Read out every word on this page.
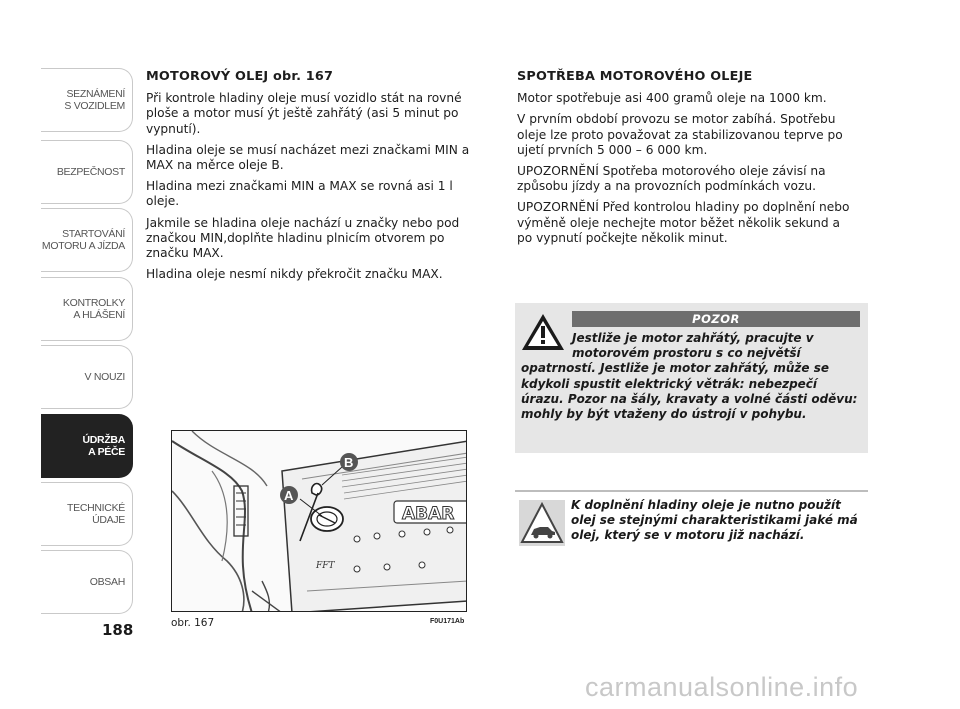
SEZNÁMENÍ
S VOZIDLEM
BEZPEČNOST
STARTOVÁNÍ
MOTORU A JÍZDA
KONTROLKY
A HLÁŠENÍ
V NOUZI
ÚDRŽBA
A PÉČE
TECHNICKÉ
ÚDAJE
OBSAH
188
MOTOROVÝ OLEJ obr. 167

Při kontrole hladiny oleje musí vozidlo stát na rovné ploše a motor musí ýt ještě zahřátý (asi 5 minut po vypnutí).

Hladina oleje se musí nacházet mezi značkami MIN a MAX na měrce oleje B.

Hladina mezi značkami MIN a MAX se rovná asi 1 l oleje.

Jakmile se hladina oleje nachází u značky nebo pod značkou MIN,doplňte hladinu plnicím otvorem po značku MAX.

Hladina oleje nesmí nikdy překročit značku MAX.

SPOTŘEBA MOTOROVÉHO OLEJE

Motor spotřebuje asi 400 gramů oleje na 1000 km.

V prvním období provozu se motor zabíhá. Spotřebu oleje lze proto považovat za stabilizovanou teprve po ujetí prvních 5 000 – 6 000 km.

UPOZORNĚNÍ Spotřeba motorového oleje závisí na způsobu jízdy a na provozních podmínkách vozu.

UPOZORNĚNÍ Před kontrolou hladiny po doplnění nebo výměně oleje nechejte motor běžet několik sekund a po vypnutí počkejte několik minut.

POZOR
Jestliže je motor zahřátý, pracujte v motorovém prostoru s co největší
opatrností. Jestliže je motor zahřátý, může se kdykoli spustit elektrický větrák: nebezpečí úrazu. Pozor na šály, kravaty a volné části oděvu: mohly by být vtaženy do ústrojí v pohybu.
K doplnění hladiny oleje je nutno použít olej se stejnými charakteristikami jaké má olej, který se v motoru již nachází.
ABAR
FFT
A
B
obr. 167	F0U171Ab
carmanualsonline.info
